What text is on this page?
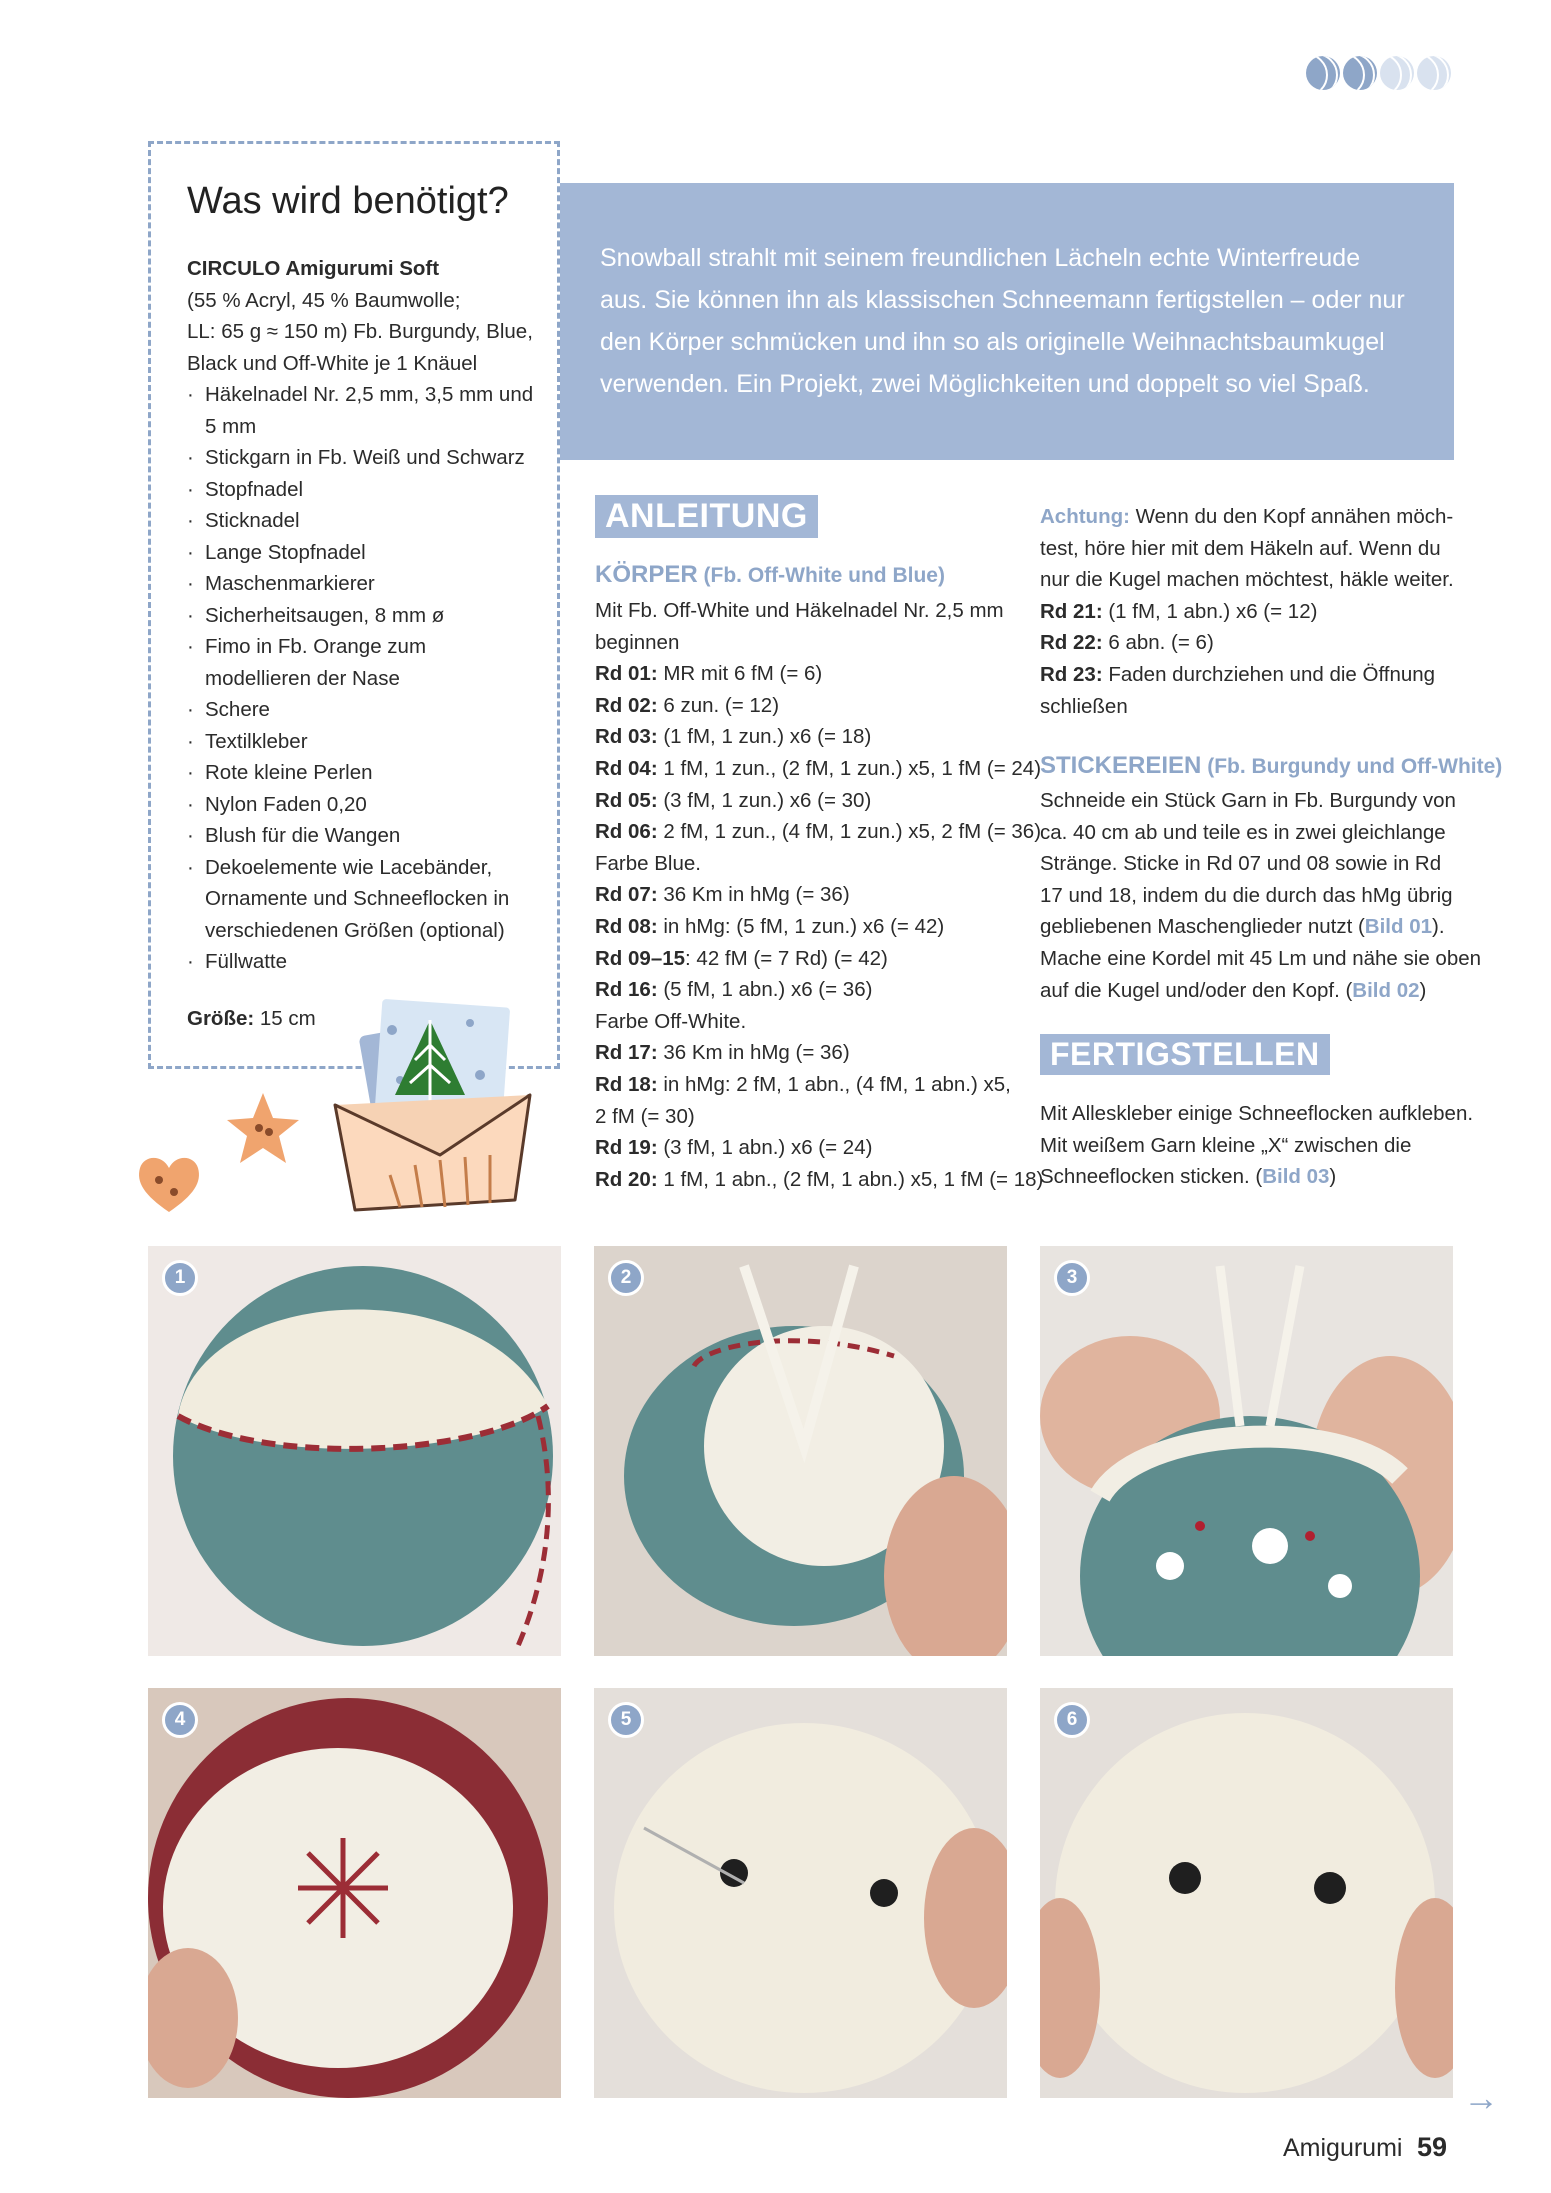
Was wird benötigt?
CIRCULO Amigurumi Soft
(55 % Acryl, 45 % Baumwolle;
LL: 65 g ≈ 150 m) Fb. Burgundy, Blue,
Black und Off-White je 1 Knäuel
· Häkelnadel Nr. 2,5 mm, 3,5 mm und 5 mm
· Stickgarn in Fb. Weiß und Schwarz
· Stopfnadel
· Sticknadel
· Lange Stopfnadel
· Maschenmarkierer
· Sicherheitsaugen, 8 mm ø
· Fimo in Fb. Orange zum modellieren der Nase
· Schere
· Textilkleber
· Rote kleine Perlen
· Nylon Faden 0,20
· Blush für die Wangen
· Dekoelemente wie Lacebänder, Ornamente und Schneeflocken in verschiedenen Größen (optional)
· Füllwatte
Größe: 15 cm
Snowball strahlt mit seinem freundlichen Lächeln echte Winterfreude aus. Sie können ihn als klassischen Schneemann fertigstellen – oder nur den Körper schmücken und ihn so als originelle Weihnachtsbaumkugel verwenden. Ein Projekt, zwei Möglichkeiten und doppelt so viel Spaß.
ANLEITUNG
KÖRPER (Fb. Off-White und Blue)
Mit Fb. Off-White und Häkelnadel Nr. 2,5 mm
beginnen
Rd 01: MR mit 6 fM (= 6)
Rd 02: 6 zun. (= 12)
Rd 03: (1 fM, 1 zun.) x6 (= 18)
Rd 04: 1 fM, 1 zun., (2 fM, 1 zun.) x5, 1 fM (= 24)
Rd 05: (3 fM, 1 zun.) x6 (= 30)
Rd 06: 2 fM, 1 zun., (4 fM, 1 zun.) x5, 2 fM (= 36)
Farbe Blue.
Rd 07: 36 Km in hMg (= 36)
Rd 08: in hMg: (5 fM, 1 zun.) x6 (= 42)
Rd 09–15: 42 fM (= 7 Rd) (= 42)
Rd 16: (5 fM, 1 abn.) x6 (= 36)
Farbe Off-White.
Rd 17: 36 Km in hMg (= 36)
Rd 18: in hMg: 2 fM, 1 abn., (4 fM, 1 abn.) x5,
2 fM (= 30)
Rd 19: (3 fM, 1 abn.) x6 (= 24)
Rd 20: 1 fM, 1 abn., (2 fM, 1 abn.) x5, 1 fM (= 18)
Achtung: Wenn du den Kopf annähen möch-
test, höre hier mit dem Häkeln auf. Wenn du
nur die Kugel machen möchtest, häkle weiter.
Rd 21: (1 fM, 1 abn.) x6 (= 12)
Rd 22: 6 abn. (= 6)
Rd 23: Faden durchziehen und die Öffnung
schließen
STICKEREIEN (Fb. Burgundy und Off-White)
Schneide ein Stück Garn in Fb. Burgundy von
ca. 40 cm ab und teile es in zwei gleichlange
Stränge. Sticke in Rd 07 und 08 sowie in Rd
17 und 18, indem du die durch das hMg übrig
gebliebenen Maschenglieder nutzt (Bild 01).
Mache eine Kordel mit 45 Lm und nähe sie oben
auf die Kugel und/oder den Kopf. (Bild 02)
FERTIGSTELLEN
Mit Alleskleber einige Schneeflocken aufkleben.
Mit weißem Garn kleine „X“ zwischen die
Schneeflocken sticken. (Bild 03)
1	2	3
4	5	6
→
Amigurumi 59
